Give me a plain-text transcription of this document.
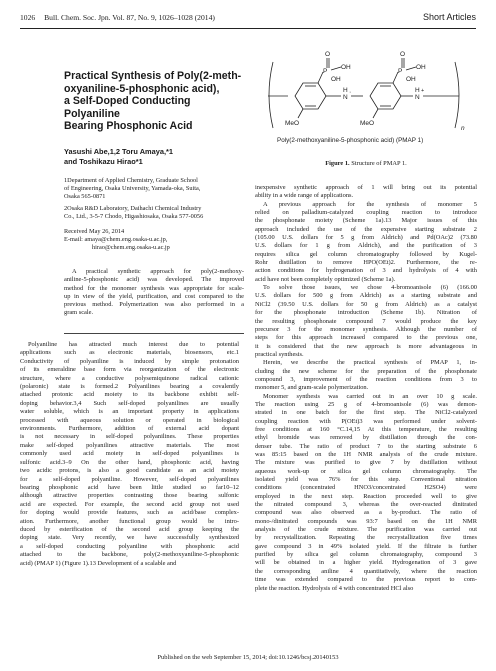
1026 Bull. Chem. Soc. Jpn. Vol. 87, No. 9, 1026–1028 (2014)	Short Articles
Practical Synthesis of Poly(2-meth-
oxyaniline-5-phosphonic acid),
a Self-Doped Conducting Polyaniline
Bearing Phosphonic Acid
Yasushi Abe,1,2 Toru Amaya,*1
and Toshikazu Hirao*1

1Department of Applied Chemistry, Graduate School
of Engineering, Osaka University, Yamada-oka, Suita,
Osaka 565-0871

2Osaka R&D Laboratory, Daihachi Chemical Industry
Co., Ltd., 3-5-7 Chodo, Higashiosaka, Osaka 577-0056

Received May 26, 2014
E-mail: amaya@chem.eng.osaka-u.ac.jp,
hirao@chem.eng.osaka-u.ac.jp
A practical synthetic approach for poly(2-methoxy-
aniline-5-phosphonic acid) was developed. The improved
method for the monomer synthesis was appropriate for scale-
up in view of the yield, purification, and cost compared to the
previous method. Polymerization was also performed in a
gram scale.
Polyaniline has attracted much interest due to potential
applications such as electronic materials, biosensors, etc.1
Conductivity of polyaniline is induced by simple protonation
of its emeraldine base form via reorganization of the electronic
structure, where a conductive polysemiquinone radical cationic
(polaronic) state is formed.2 Polyanilines bearing a covalently
attached protonic acid moiety to its backbone exhibit self-
doping behavior.3,4 Such self-doped polyanilines are usually
water soluble, which is an important property in applications
processed with aqueous solution or operated in biological
environments. Furthermore, addition of external acid dopant
is not necessary in self-doped polyanilines. These properties
make self-doped polyanilines attractive materials. The most
commonly used acid moiety in self-doped polyanilines is
sulfonic acid.3–9 On the other hand, phosphonic acid, having
two acidic protons, is also a good candidate as an acid moiety
for a self-doped polyaniline. However, self-doped polyanilines
bearing phosphonic acid have been little studied so far10–12
although attractive properties contrasting those bearing sulfonic
acid are expected. For example, the second acid group not used
for doping would provide features, such as acid/base complex-
ation. Furthermore, another functional group would be intro-
duced by esterification of the second acid group keeping the
doping state. Very recently, we have successfully synthesized
a self-doped conducting polyaniline with phosphonic acid
attached to the backbone, poly(2-methoxyaniline-5-phosphonic
acid) (PMAP 1) (Figure 1).13 Development of a scalable and
P
O
OH
OH
P
O
OH
OH
MeO	MeO
H
N
·	H
N
+
n
Poly(2-methoxyaniline-5-phosphonic acid) (PMAP 1)
Figure 1. Structure of PMAP 1.
inexpensive synthetic approach of 1 will bring out its potential
ability in a wide range of applications.
A previous approach for the synthesis of monomer 5
relied on palladium-catalyzed coupling reaction to introduce
the phosphonate moiety (Scheme 1a).13 Major issues of this
approach included the use of the expensive starting substrate 2
(105.00 U.S. dollars for 5 g from Aldrich) and Pd(OAc)2 (73.80
U.S. dollars for 1 g from Aldrich), and the purification of 3
requires silica gel column chromatography followed by Kugel-
Rohr distillation to remove HPO(OEt)2. Furthermore, the re-
action conditions for hydrogenation of 3 and hydrolysis of 4 with
acid have not been completely optimized (Scheme 1a).
To solve those issues, we chose 4-bromoanisole (6) (166.00
U.S. dollars for 500 g from Aldrich) as a starting substrate and
NiCl2 (39.50 U.S. dollars for 50 g from Aldrich) as a catalyst
for the phosphonate introduction (Scheme 1b). Nitration of
the resulting phosphonate compound 7 would produce the key
precursor 3 for the monomer synthesis. Although the number of
steps for this approach increased compared to the previous one,
it is considered that the new approach is more advantageous in
practical synthesis.
Herein, we describe the practical synthesis of PMAP 1, in-
cluding the new scheme for the preparation of the phosphonate
compound 3, improvement of the reaction conditions from 3 to
monomer 5, and gram-scale polymerization.
Monomer synthesis was carried out in an over 10 g scale.
The reaction using 25 g of 4-bromoanisole (6) was demon-
strated in one batch for the first step. The NiCl2-catalyzed
coupling reaction with P(OEt)3 was performed under solvent-
free conditions at 160 °C.14,15 At this temperature, the resulting
ethyl bromide was removed by distillation through the con-
denser tube. The ratio of product 7 to the starting substrate 6
was 85:15 based on the 1H NMR analysis of the crude mixture.
The mixture was purified to give 7 by distillation without
aqueous work-up or silica gel column chromatography. The
isolated yield was 76% for this step. Conventional nitration
conditions (concentrated HNO3/concentrated H2SO4) were
employed in the next step. Reaction proceeded well to give
the nitrated compound 3, whereas the over-reacted dinitrated
compound was also observed as a by-product. The ratio of
mono-/dinitrated compounds was 93:7 based on the 1H NMR
analysis of the crude mixture. The purification was carried out
by recrystallization. Repeating the recrystallization five times
gave compound 3 in 49% isolated yield. If the filtrate is further
purified by silica gel column chromatography, compound 3
will be obtained in a higher yield. Hydrogenation of 3 gave
the corresponding aniline 4 quantitatively, where the reaction
time was extended compared to the previous report to com-
plete the reaction. Hydrolysis of 4 with concentrated HCl also
Published on the web September 15, 2014; doi:10.1246/bcsj.20140153
